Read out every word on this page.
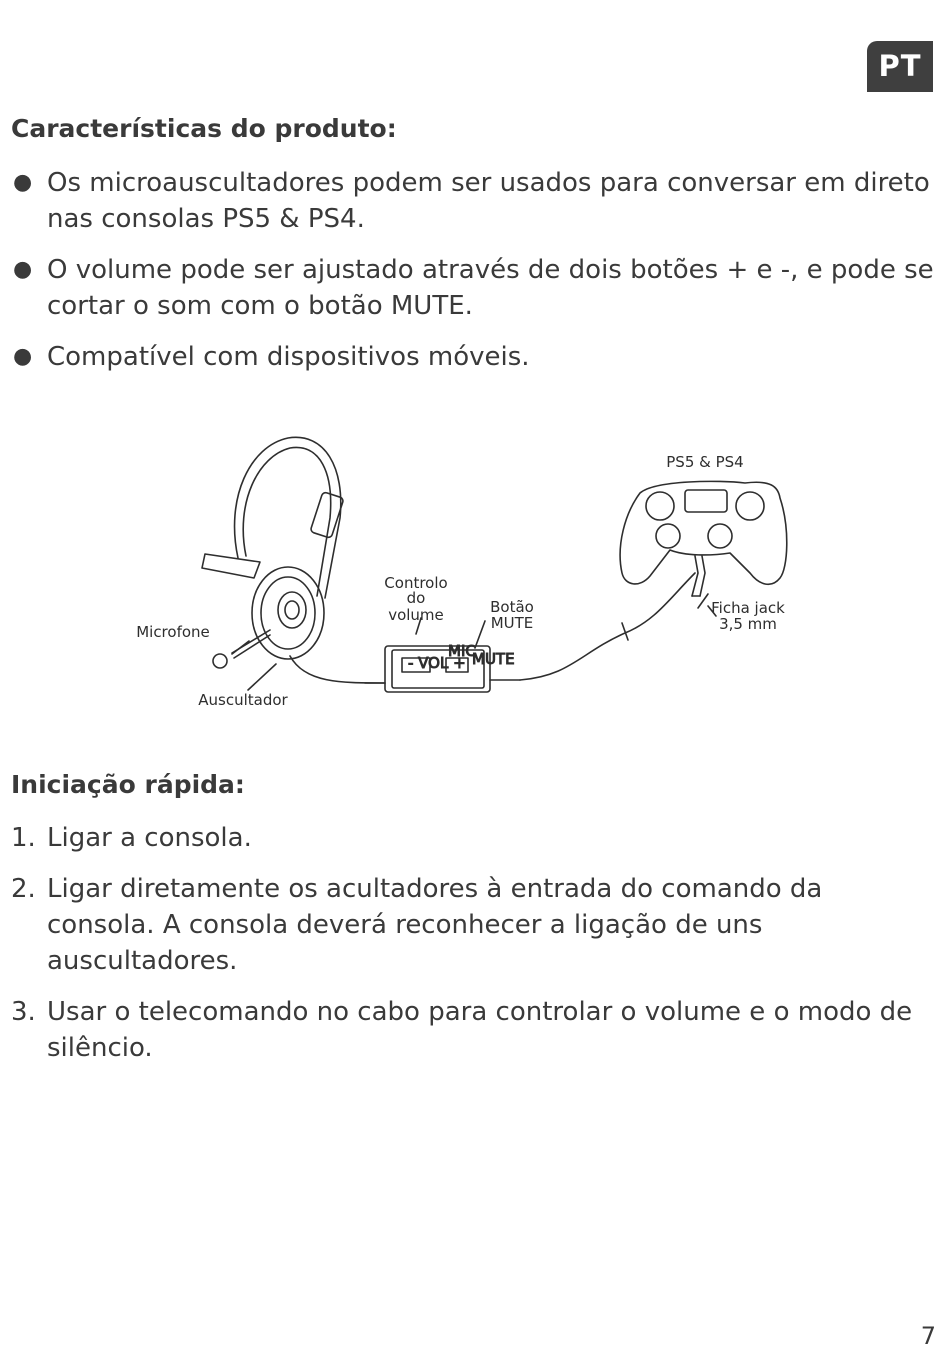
PT
Características do produto:
● Os microauscultadores podem ser usados para conversar em direto nas consolas PS5 & PS4.
● O volume pode ser ajustado através de dois botões + e -, e pode se cortar o som com o botão MUTE.
● Compatível com dispositivos móveis.
- VOL +
MIC
MUTE
PS5 & PS4
Controlo
do
volume	Botão
MUTE
Ficha jack
3,5 mm
Microfone
Auscultador
Iniciação rápida:
1. Ligar a consola.
2. Ligar diretamente os acultadores à entrada do comando da consola. A consola deverá reconhecer a ligação de uns auscultadores.
3. Usar o telecomando no cabo para controlar o volume e o modo de silêncio.
7
